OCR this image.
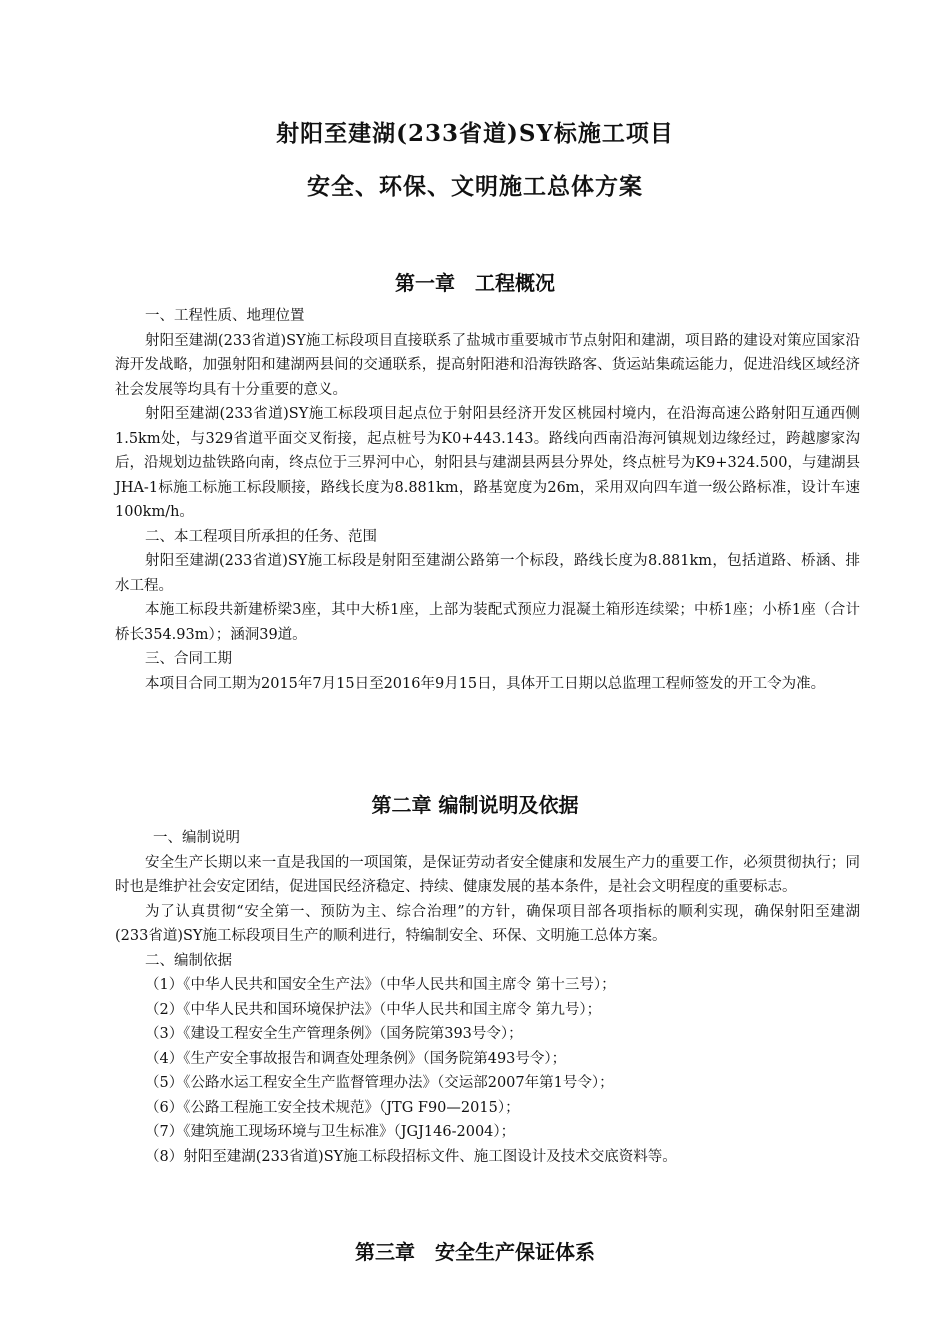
射阳至建湖(233省道)SY标施工项目
安全、环保、文明施工总体方案
第一章　工程概况

一、工程性质、地理位置

射阳至建湖(233省道)SY施工标段项目直接联系了盐城市重要城市节点射阳和建湖，项目路的建设对策应国家沿海开发战略，加强射阳和建湖两县间的交通联系，提高射阳港和沿海铁路客、货运站集疏运能力，促进沿线区域经济社会发展等均具有十分重要的意义。

射阳至建湖(233省道)SY施工标段项目起点位于射阳县经济开发区桃园村境内，在沿海高速公路射阳互通西侧1.5km处，与329省道平面交叉衔接，起点桩号为K0+443.143。路线向西南沿海河镇规划边缘经过，跨越廖家沟后，沿规划边盐铁路向南，终点位于三界河中心，射阳县与建湖县两县分界处，终点桩号为K9+324.500，与建湖县JHA-1标施工标施工标段顺接，路线长度为8.881km，路基宽度为26m，采用双向四车道一级公路标准，设计车速100km/h。

二、本工程项目所承担的任务、范围

射阳至建湖(233省道)SY施工标段是射阳至建湖公路第一个标段，路线长度为8.881km，包括道路、桥涵、排水工程。

本施工标段共新建桥梁3座，其中大桥1座，上部为装配式预应力混凝土箱形连续梁；中桥1座；小桥1座（合计桥长354.93m）；涵洞39道。

三、合同工期

本项目合同工期为2015年7月15日至2016年9月15日，具体开工日期以总监理工程师签发的开工令为准。

第二章 编制说明及依据

一、编制说明

安全生产长期以来一直是我国的一项国策，是保证劳动者安全健康和发展生产力的重要工作，必须贯彻执行；同时也是维护社会安定团结，促进国民经济稳定、持续、健康发展的基本条件，是社会文明程度的重要标志。

为了认真贯彻“安全第一、预防为主、综合治理”的方针，确保项目部各项指标的顺利实现，确保射阳至建湖(233省道)SY施工标段项目生产的顺利进行，特编制安全、环保、文明施工总体方案。

二、编制依据

（1）《中华人民共和国安全生产法》（中华人民共和国主席令 第十三号）；

（2）《中华人民共和国环境保护法》（中华人民共和国主席令 第九号）；

（3）《建设工程安全生产管理条例》（国务院第393号令）；

（4）《生产安全事故报告和调查处理条例》（国务院第493号令）；

（5）《公路水运工程安全生产监督管理办法》（交运部2007年第1号令）；

（6）《公路工程施工安全技术规范》（JTG F90—2015）；

（7）《建筑施工现场环境与卫生标准》（JGJ146-2004）；

（8）射阳至建湖(233省道)SY施工标段招标文件、施工图设计及技术交底资料等。

第三章　安全生产保证体系
